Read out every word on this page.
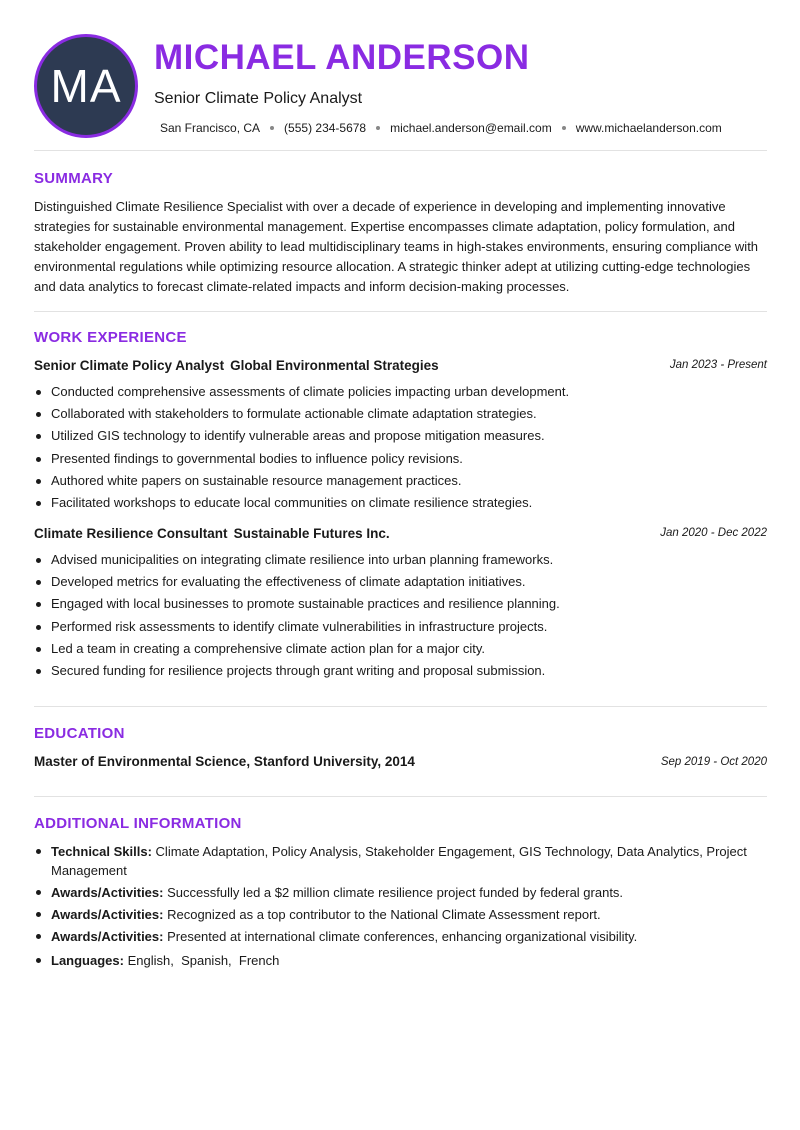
MA
MICHAEL ANDERSON
Senior Climate Policy Analyst
San Francisco, CA (555) 234-5678 michael.anderson@email.com www.michaelanderson.com
SUMMARY
Distinguished Climate Resilience Specialist with over a decade of experience in developing and implementing innovative strategies for sustainable environmental management. Expertise encompasses climate adaptation, policy formulation, and stakeholder engagement. Proven ability to lead multidisciplinary teams in high-stakes environments, ensuring compliance with environmental regulations while optimizing resource allocation. A strategic thinker adept at utilizing cutting-edge technologies and data analytics to forecast climate-related impacts and inform decision-making processes.
WORK EXPERIENCE
Senior Climate Policy Analyst Global Environmental Strategies	Jan 2023 - Present
Conducted comprehensive assessments of climate policies impacting urban development.
Collaborated with stakeholders to formulate actionable climate adaptation strategies.
Utilized GIS technology to identify vulnerable areas and propose mitigation measures.
Presented findings to governmental bodies to influence policy revisions.
Authored white papers on sustainable resource management practices.
Facilitated workshops to educate local communities on climate resilience strategies.
Climate Resilience Consultant Sustainable Futures Inc.	Jan 2020 - Dec 2022
Advised municipalities on integrating climate resilience into urban planning frameworks.
Developed metrics for evaluating the effectiveness of climate adaptation initiatives.
Engaged with local businesses to promote sustainable practices and resilience planning.
Performed risk assessments to identify climate vulnerabilities in infrastructure projects.
Led a team in creating a comprehensive climate action plan for a major city.
Secured funding for resilience projects through grant writing and proposal submission.
EDUCATION
Master of Environmental Science, Stanford University, 2014	Sep 2019 - Oct 2020
ADDITIONAL INFORMATION
Technical Skills: Climate Adaptation, Policy Analysis, Stakeholder Engagement, GIS Technology, Data Analytics, Project Management
Awards/Activities: Successfully led a $2 million climate resilience project funded by federal grants.
Awards/Activities: Recognized as a top contributor to the National Climate Assessment report.
Awards/Activities: Presented at international climate conferences, enhancing organizational visibility.
Languages: English,  Spanish,  French
